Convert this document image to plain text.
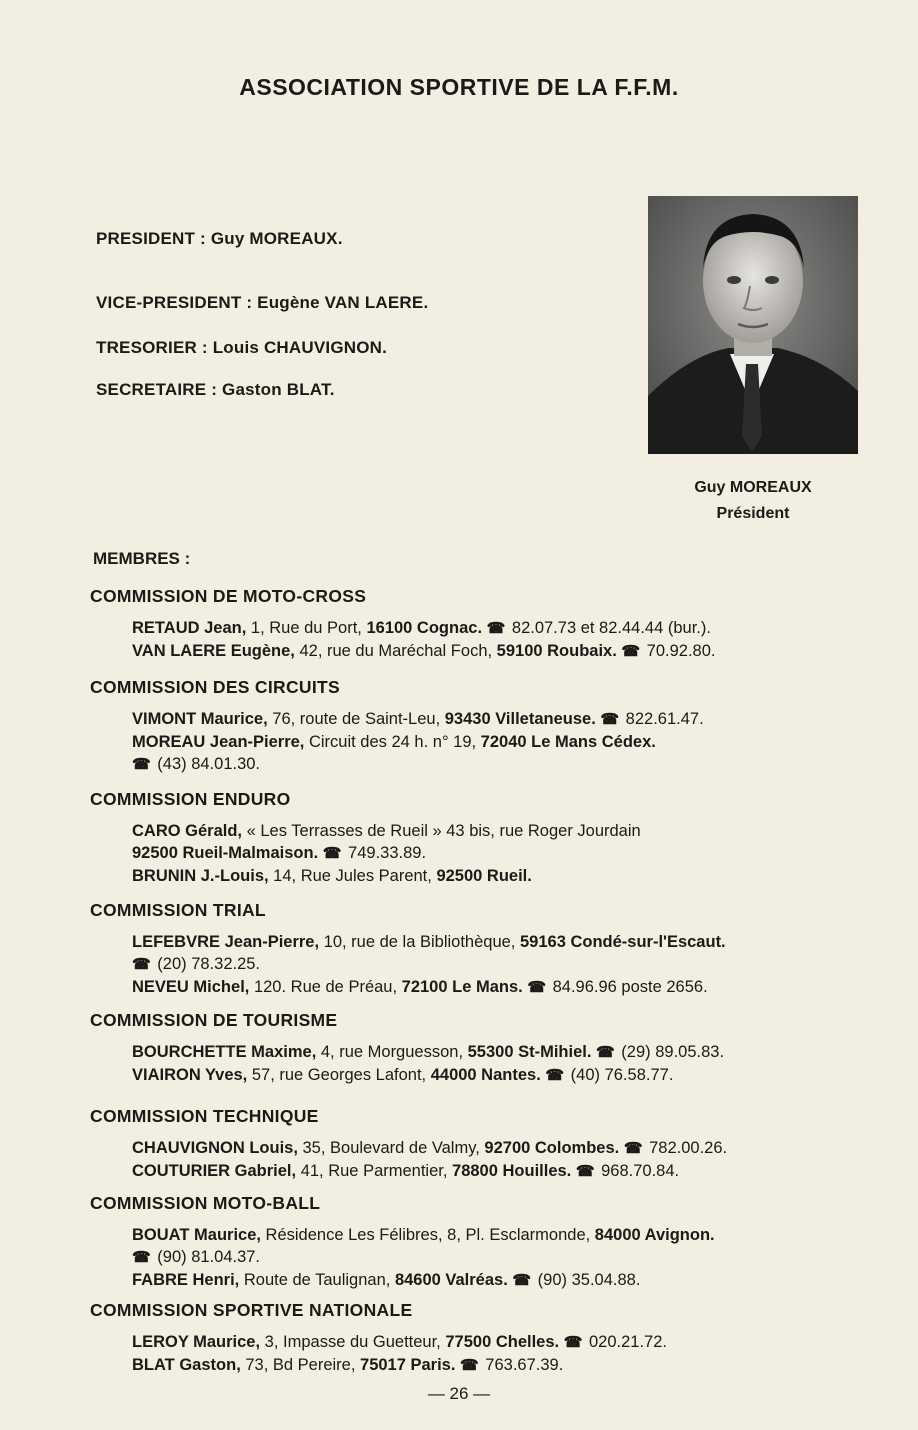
ASSOCIATION SPORTIVE DE LA F.F.M.
PRESIDENT : Guy MOREAUX.
VICE-PRESIDENT : Eugène VAN LAERE.
TRESORIER : Louis CHAUVIGNON.
SECRETAIRE : Gaston BLAT.
Guy MOREAUX
Président
MEMBRES :
COMMISSION DE MOTO-CROSS
RETAUD Jean, 1, Rue du Port, 16100 Cognac. ☎ 82.07.73 et 82.44.44 (bur.).
VAN LAERE Eugène, 42, rue du Maréchal Foch, 59100 Roubaix. ☎ 70.92.80.
COMMISSION DES CIRCUITS
VIMONT Maurice, 76, route de Saint-Leu, 93430 Villetaneuse. ☎ 822.61.47.
MOREAU Jean-Pierre, Circuit des 24 h. n° 19, 72040 Le Mans Cédex.
☎ (43) 84.01.30.
COMMISSION ENDURO
CARO Gérald, « Les Terrasses de Rueil » 43 bis, rue Roger Jourdain
92500 Rueil-Malmaison. ☎ 749.33.89.
BRUNIN J.-Louis, 14, Rue Jules Parent, 92500 Rueil.
COMMISSION TRIAL
LEFEBVRE Jean-Pierre, 10, rue de la Bibliothèque, 59163 Condé-sur-l'Escaut.
☎ (20) 78.32.25.
NEVEU Michel, 120. Rue de Préau, 72100 Le Mans. ☎ 84.96.96 poste 2656.
COMMISSION DE TOURISME
BOURCHETTE Maxime, 4, rue Morguesson, 55300 St-Mihiel. ☎ (29) 89.05.83.
VIAIRON Yves, 57, rue Georges Lafont, 44000 Nantes. ☎ (40) 76.58.77.
COMMISSION TECHNIQUE
CHAUVIGNON Louis, 35, Boulevard de Valmy, 92700 Colombes. ☎ 782.00.26.
COUTURIER Gabriel, 41, Rue Parmentier, 78800 Houilles. ☎ 968.70.84.
COMMISSION MOTO-BALL
BOUAT Maurice, Résidence Les Félibres, 8, Pl. Esclarmonde, 84000 Avignon.
☎ (90) 81.04.37.
FABRE Henri, Route de Taulignan, 84600 Valréas. ☎ (90) 35.04.88.
COMMISSION SPORTIVE NATIONALE
LEROY Maurice, 3, Impasse du Guetteur, 77500 Chelles. ☎ 020.21.72.
BLAT Gaston, 73, Bd Pereire, 75017 Paris. ☎ 763.67.39.
— 26 —
